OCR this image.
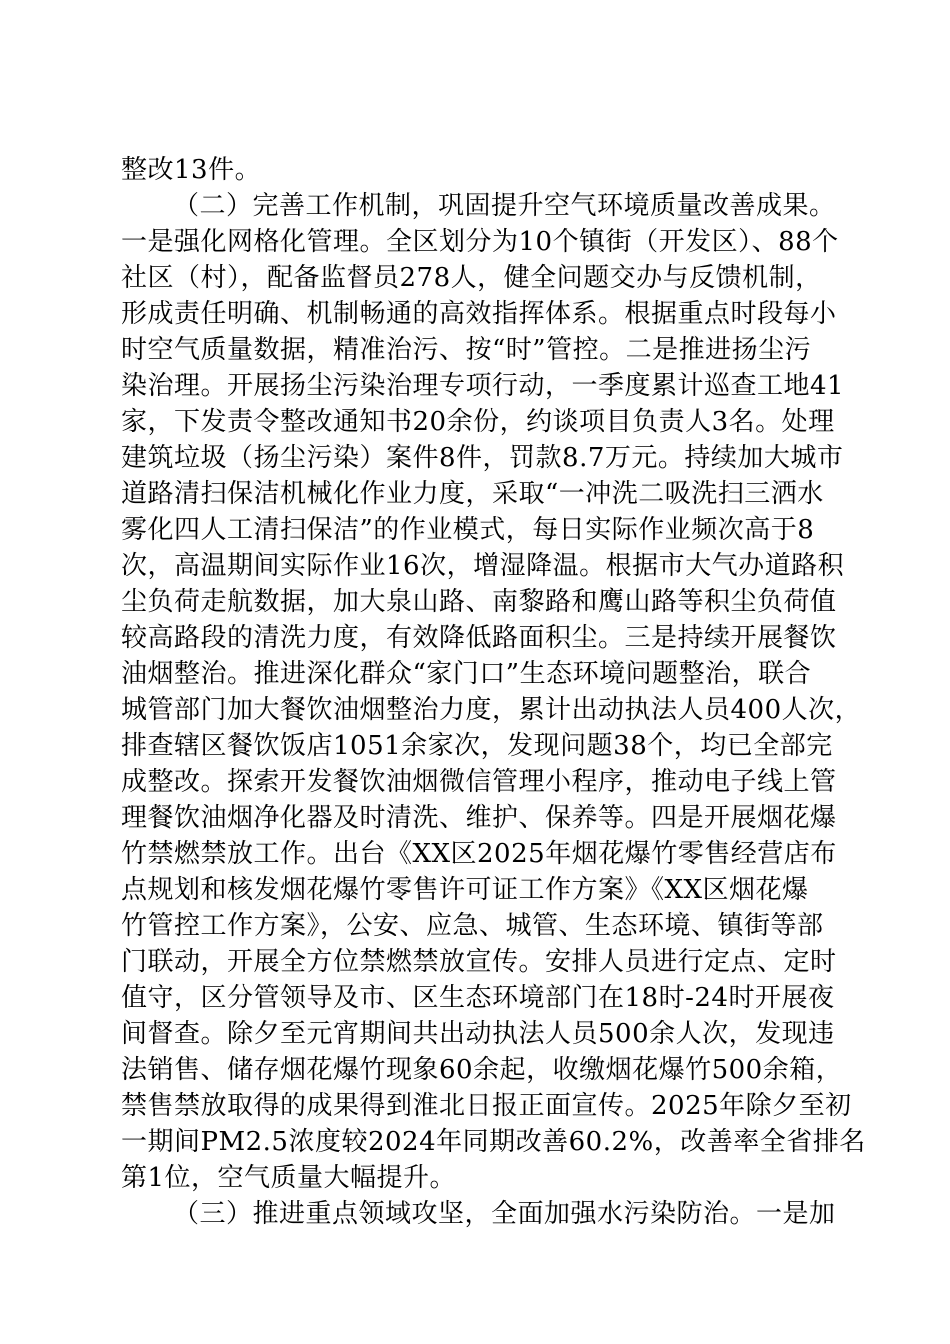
整改13件。
（二）完善工作机制，巩固提升空气环境质量改善成果。
一是强化网格化管理。全区划分为10个镇街（开发区）、88个
社区（村），配备监督员278人，健全问题交办与反馈机制，
形成责任明确、机制畅通的高效指挥体系。根据重点时段每小
时空气质量数据，精准治污、按“时”管控。二是推进扬尘污
染治理。开展扬尘污染治理专项行动，一季度累计巡查工地41
家，下发责令整改通知书20余份，约谈项目负责人3名。处理
建筑垃圾（扬尘污染）案件8件，罚款8.7万元。持续加大城市
道路清扫保洁机械化作业力度，采取“一冲洗二吸洗扫三洒水
雾化四人工清扫保洁”的作业模式，每日实际作业频次高于8
次，高温期间实际作业16次，增湿降温。根据市大气办道路积
尘负荷走航数据，加大泉山路、南黎路和鹰山路等积尘负荷值
较高路段的清洗力度，有效降低路面积尘。三是持续开展餐饮
油烟整治。推进深化群众“家门口”生态环境问题整治，联合
城管部门加大餐饮油烟整治力度，累计出动执法人员400人次，
排查辖区餐饮饭店1051余家次，发现问题38个，均已全部完
成整改。探索开发餐饮油烟微信管理小程序，推动电子线上管
理餐饮油烟净化器及时清洗、维护、保养等。四是开展烟花爆
竹禁燃禁放工作。出台《XX区2025年烟花爆竹零售经营店布
点规划和核发烟花爆竹零售许可证工作方案》《XX区烟花爆
竹管控工作方案》，公安、应急、城管、生态环境、镇街等部
门联动，开展全方位禁燃禁放宣传。安排人员进行定点、定时
值守，区分管领导及市、区生态环境部门在18时-24时开展夜
间督查。除夕至元宵期间共出动执法人员500余人次，发现违
法销售、储存烟花爆竹现象60余起，收缴烟花爆竹500余箱，
禁售禁放取得的成果得到淮北日报正面宣传。2025年除夕至初
一期间PM2.5浓度较2024年同期改善60.2%，改善率全省排名
第1位，空气质量大幅提升。
（三）推进重点领域攻坚，全面加强水污染防治。一是加
